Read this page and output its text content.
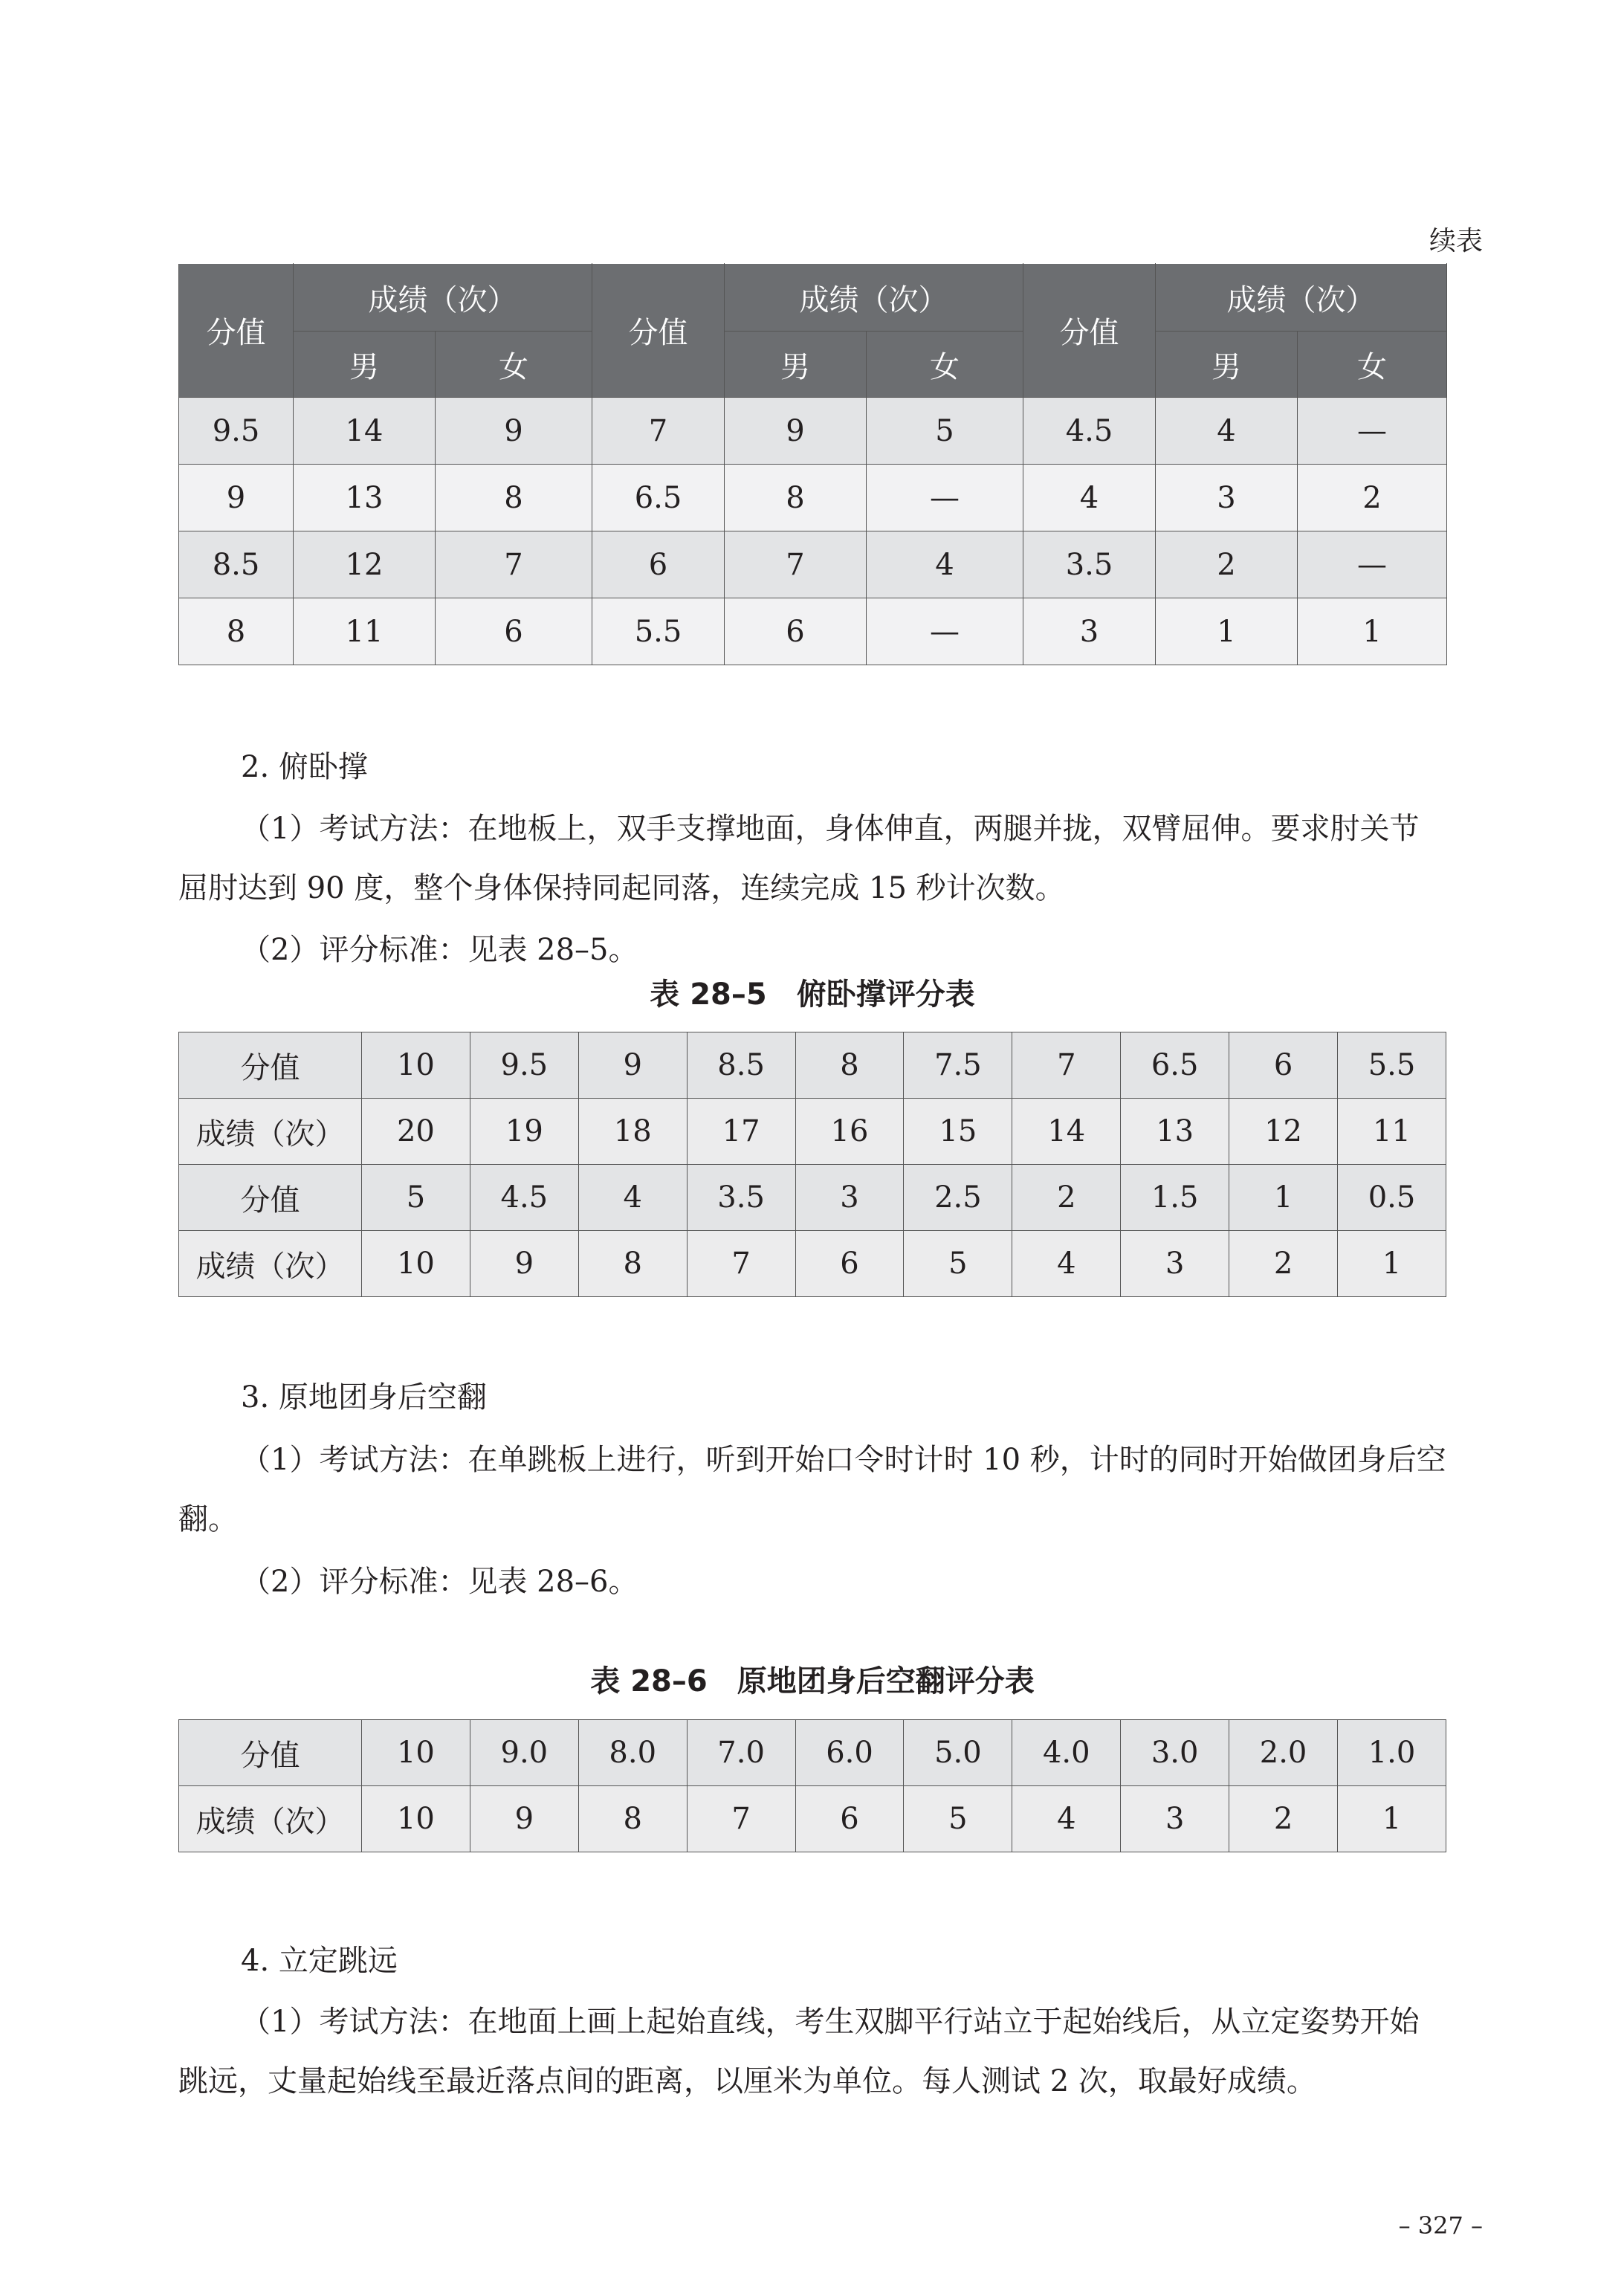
续表
分值	成绩（次）		分值	成绩（次）		分值	成绩（次）	
	男	女		男	女		男	女
9.5	14	9	7	9	5	4.5	4	—
9	13	8	6.5	8	—	4	3	2
8.5	12	7	6	7	4	3.5	2	—
8	11	6	5.5	6	—	3	1	1

2. 俯卧撑

（1）考试方法：在地板上，双手支撑地面，身体伸直，两腿并拢，双臂屈伸。要求肘关节屈肘达到 90 度，整个身体保持同起同落，连续完成 15 秒计次数。

（2）评分标准：见表 28–5。

表 28–5　俯卧撑评分表
分值	10	9.5	9	8.5	8	7.5	7	6.5	6	5.5
成绩（次）	20	19	18	17	16	15	14	13	12	11
分值	5	4.5	4	3.5	3	2.5	2	1.5	1	0.5
成绩（次）	10	9	8	7	6	5	4	3	2	1

3. 原地团身后空翻

（1）考试方法：在单跳板上进行，听到开始口令时计时 10 秒，计时的同时开始做团身后空翻。

（2）评分标准：见表 28–6。

表 28–6　原地团身后空翻评分表
分值	10	9.0	8.0	7.0	6.0	5.0	4.0	3.0	2.0	1.0
成绩（次）	10	9	8	7	6	5	4	3	2	1

4. 立定跳远

（1）考试方法：在地面上画上起始直线，考生双脚平行站立于起始线后，从立定姿势开始跳远，丈量起始线至最近落点间的距离，以厘米为单位。每人测试 2 次，取最好成绩。

– 327 –
